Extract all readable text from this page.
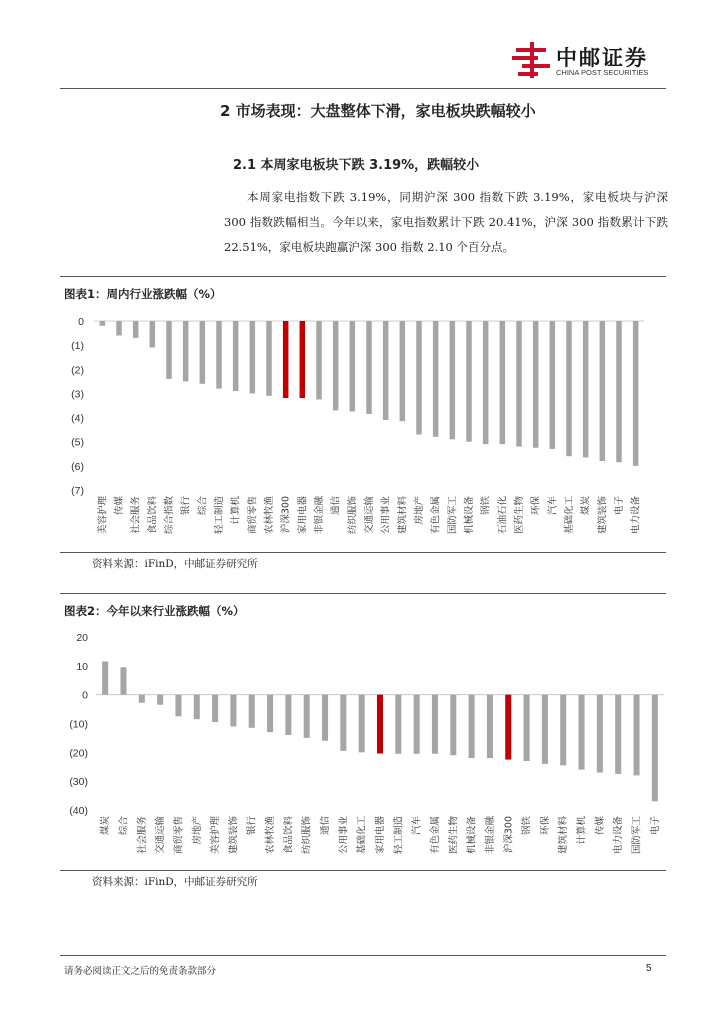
中邮证券
CHINA POST SECURITIES
2 市场表现：大盘整体下滑，家电板块跌幅较小
2.1 本周家电板块下跌 3.19%，跌幅较小
本周家电指数下跌 3.19%，同期沪深 300 指数下跌 3.19%，家电板块与沪深 300 指数跌幅相当。今年以来，家电指数累计下跌 20.41%，沪深 300 指数累计下跌 22.51%，家电板块跑赢沪深 300 指数 2.10 个百分点。
图表1：周内行业涨跌幅（%）
0
(1)
(2)
(3)
(4)
(5)
(6)
(7)
美容护理 传媒 社会服务 食品饮料 综合指数 银行 综合 轻工制造 计算机 商贸零售 农林牧渔 沪深300 家用电器 非银金融 通信 纺织服饰 交通运输 公用事业 建筑材料 房地产 有色金属 国防军工 机械设备 钢铁 石油石化 医药生物 环保 汽车 基础化工 煤炭 建筑装饰 电子 电力设备
资料来源：iFinD，中邮证券研究所
图表2：今年以来行业涨跌幅（%）
20
10
0
(10)
(20)
(30)
(40)
煤炭 综合 社会服务 交通运输 商贸零售 房地产 美容护理 建筑装饰 银行 农林牧渔 食品饮料 纺织服饰 通信 公用事业 基础化工 家用电器 轻工制造 汽车 有色金属 医药生物 机械设备 非银金融 沪深300 钢铁 环保 建筑材料 计算机 传媒 电力设备 国防军工 电子
资料来源：iFinD，中邮证券研究所
请务必阅读正文之后的免责条款部分	5
